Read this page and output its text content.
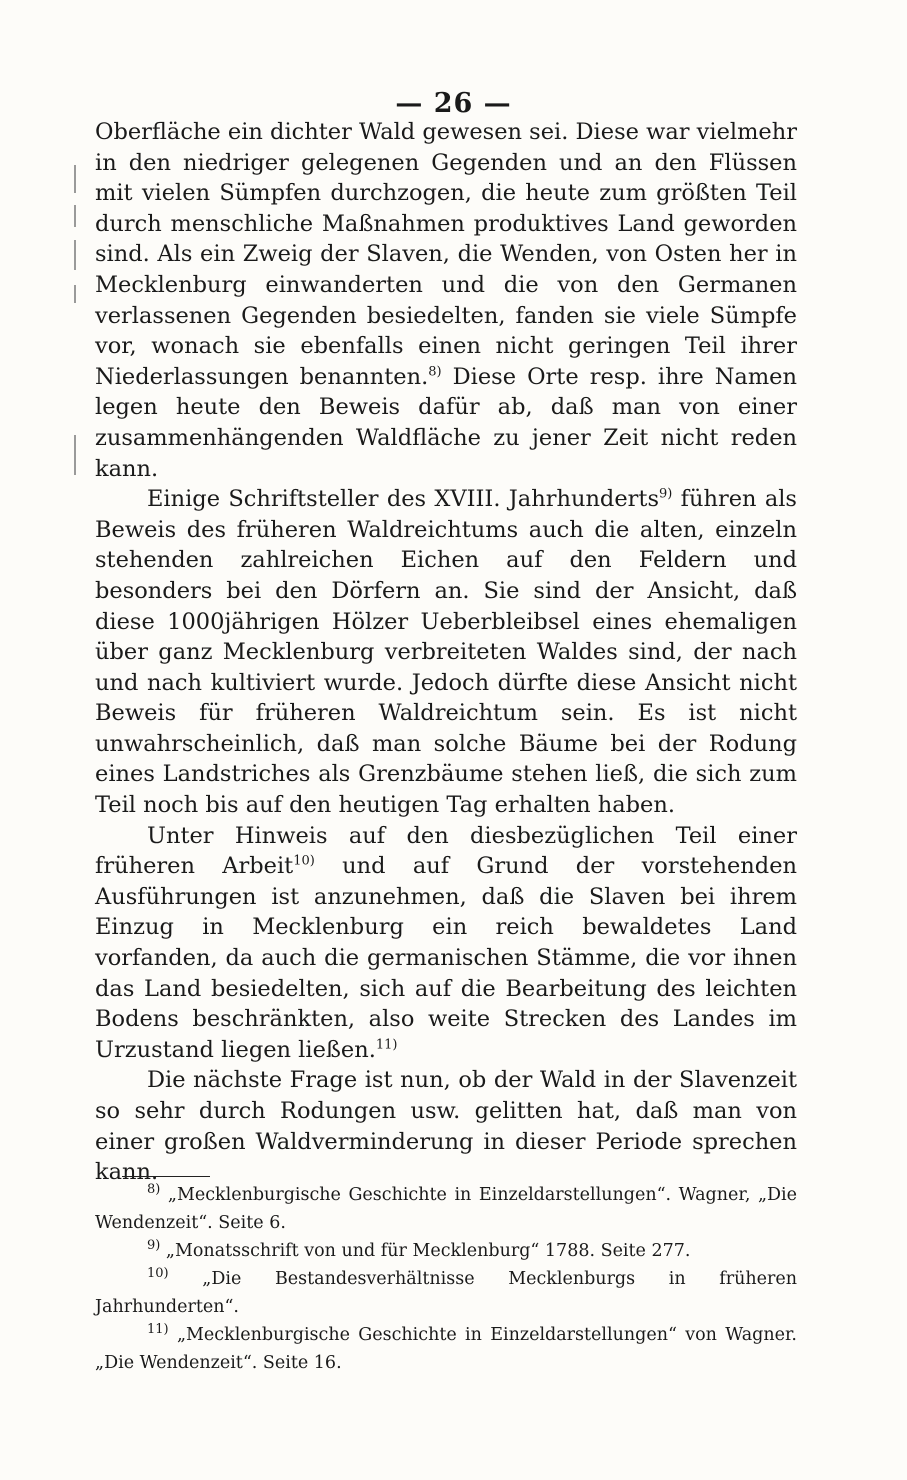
— 26 —

Oberfläche ein dichter Wald gewesen sei. Diese war vielmehr in den niedriger gelegenen Gegenden und an den Flüssen mit vielen Sümpfen durchzogen, die heute zum größten Teil durch menschliche Maßnahmen produktives Land geworden sind. Als ein Zweig der Slaven, die Wenden, von Osten her in Mecklenburg einwanderten und die von den Germanen verlassenen Gegenden besiedelten, fanden sie viele Sümpfe vor, wonach sie ebenfalls einen nicht geringen Teil ihrer Niederlassungen benannten.$^{8)}$ Diese Orte resp. ihre Namen legen heute den Beweis dafür ab, daß man von einer zusammenhängenden Waldfläche zu jener Zeit nicht reden kann.

Einige Schriftsteller des XVIII. Jahrhunderts$^{9)}$ führen als Beweis des früheren Waldreichtums auch die alten, einzeln stehenden zahlreichen Eichen auf den Feldern und besonders bei den Dörfern an. Sie sind der Ansicht, daß diese 1000jährigen Hölzer Ueberbleibsel eines ehemaligen über ganz Mecklenburg verbreiteten Waldes sind, der nach und nach kultiviert wurde. Jedoch dürfte diese Ansicht nicht Beweis für früheren Waldreichtum sein. Es ist nicht unwahrscheinlich, daß man solche Bäume bei der Rodung eines Landstriches als Grenzbäume stehen ließ, die sich zum Teil noch bis auf den heutigen Tag erhalten haben.

Unter Hinweis auf den diesbezüglichen Teil einer früheren Arbeit$^{10)}$ und auf Grund der vorstehenden Ausführungen ist anzunehmen, daß die Slaven bei ihrem Einzug in Mecklenburg ein reich bewaldetes Land vorfanden, da auch die germanischen Stämme, die vor ihnen das Land besiedelten, sich auf die Bearbeitung des leichten Bodens beschränkten, also weite Strecken des Landes im Urzustand liegen ließen.$^{11)}$

Die nächste Frage ist nun, ob der Wald in der Slavenzeit so sehr durch Rodungen usw. gelitten hat, daß man von einer großen Waldverminderung in dieser Periode sprechen kann.

$^{8)}$ „Mecklenburgische Geschichte in Einzeldarstellungen“. Wagner, „Die Wendenzeit“. Seite 6.

$^{9)}$ „Monatsschrift von und für Mecklenburg“ 1788. Seite 277.

$^{10)}$ „Die Bestandesverhältnisse Mecklenburgs in früheren Jahrhunderten“.

$^{11)}$ „Mecklenburgische Geschichte in Einzeldarstellungen“ von Wagner. „Die Wendenzeit“. Seite 16.
